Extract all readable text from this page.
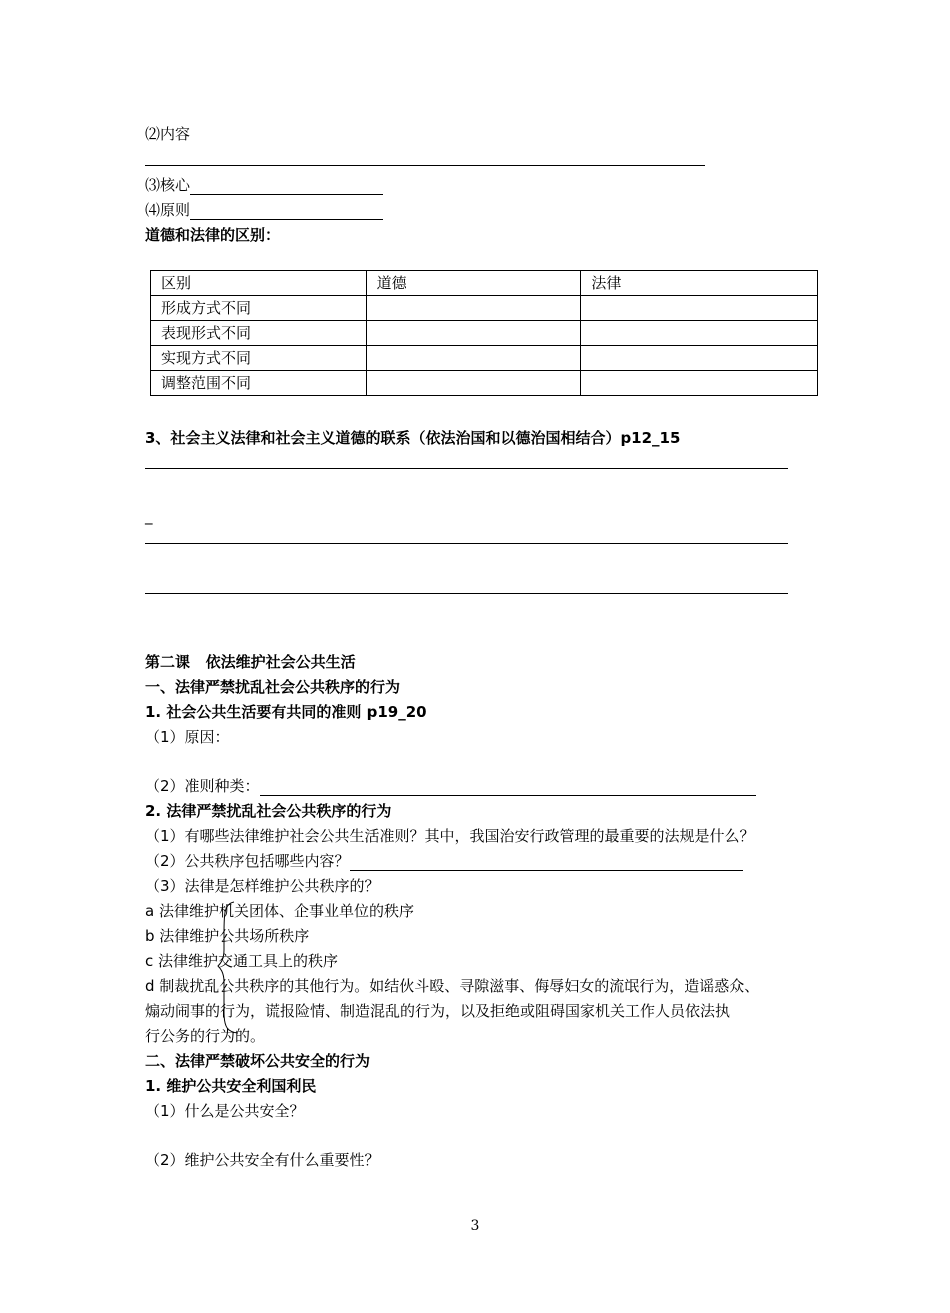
⑵内容
⑶核心
⑷原则
道德和法律的区别：
区别	道德	法律
形成方式不同		
表现形式不同		
实现方式不同		
调整范围不同		
3、社会主义法律和社会主义道德的联系（依法治国和以德治国相结合）p12_15
_
第二课   依法维护社会公共生活
一、法律严禁扰乱社会公共秩序的行为
1. 社会公共生活要有共同的准则 p19_20
（1）原因：
（2）准则种类：
2. 法律严禁扰乱社会公共秩序的行为
（1）有哪些法律维护社会公共生活准则？其中，我国治安行政管理的最重要的法规是什么？
（2）公共秩序包括哪些内容？
（3）法律是怎样维护公共秩序的？
a 法律维护机关团体、企事业单位的秩序
b 法律维护公共场所秩序
c 法律维护交通工具上的秩序
d 制裁扰乱公共秩序的其他行为。如结伙斗殴、寻隙滋事、侮辱妇女的流氓行为，造谣惑众、
煽动闹事的行为，谎报险情、制造混乱的行为，以及拒绝或阻碍国家机关工作人员依法执
行公务的行为的。
二、法律严禁破坏公共安全的行为
1. 维护公共安全利国利民
（1）什么是公共安全？
（2）维护公共安全有什么重要性？
3
